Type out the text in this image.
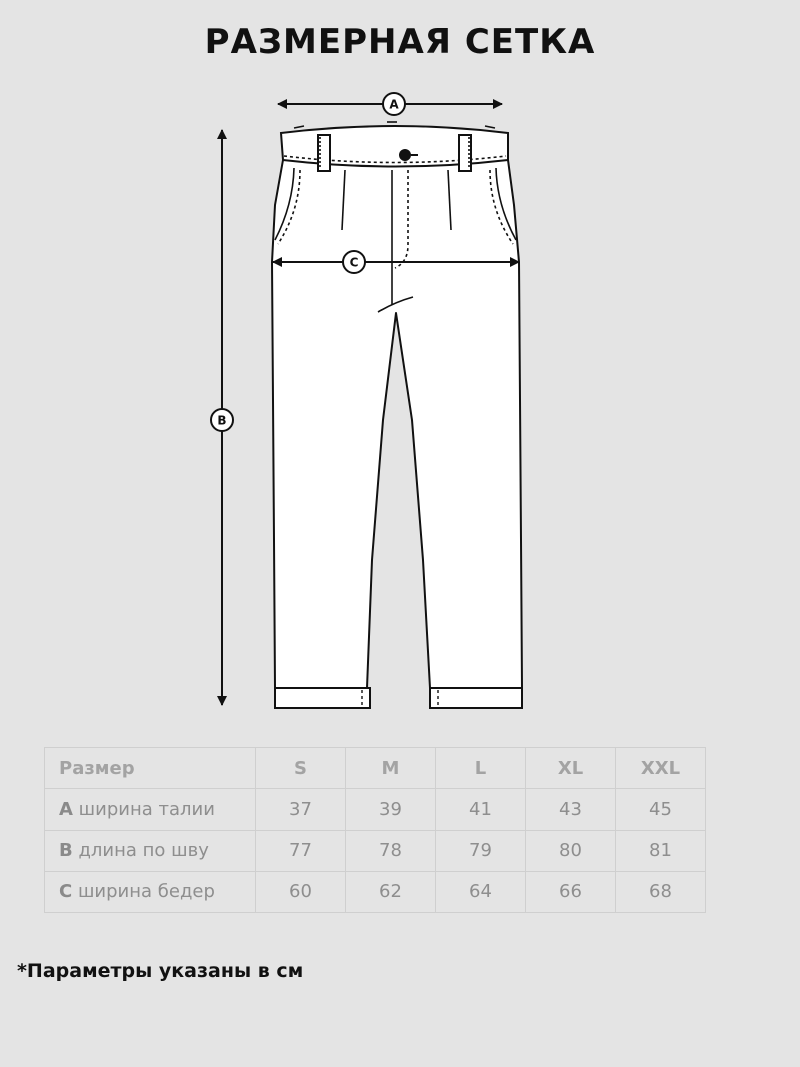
РАЗМЕРНАЯ СЕТКА
A
B
C
Размер	S	M	L	XL	XXL
A ширина талии	37	39	41	43	45
B длина по шву	77	78	79	80	81
C ширина бедер	60	62	64	66	68
*Параметры указаны в см
